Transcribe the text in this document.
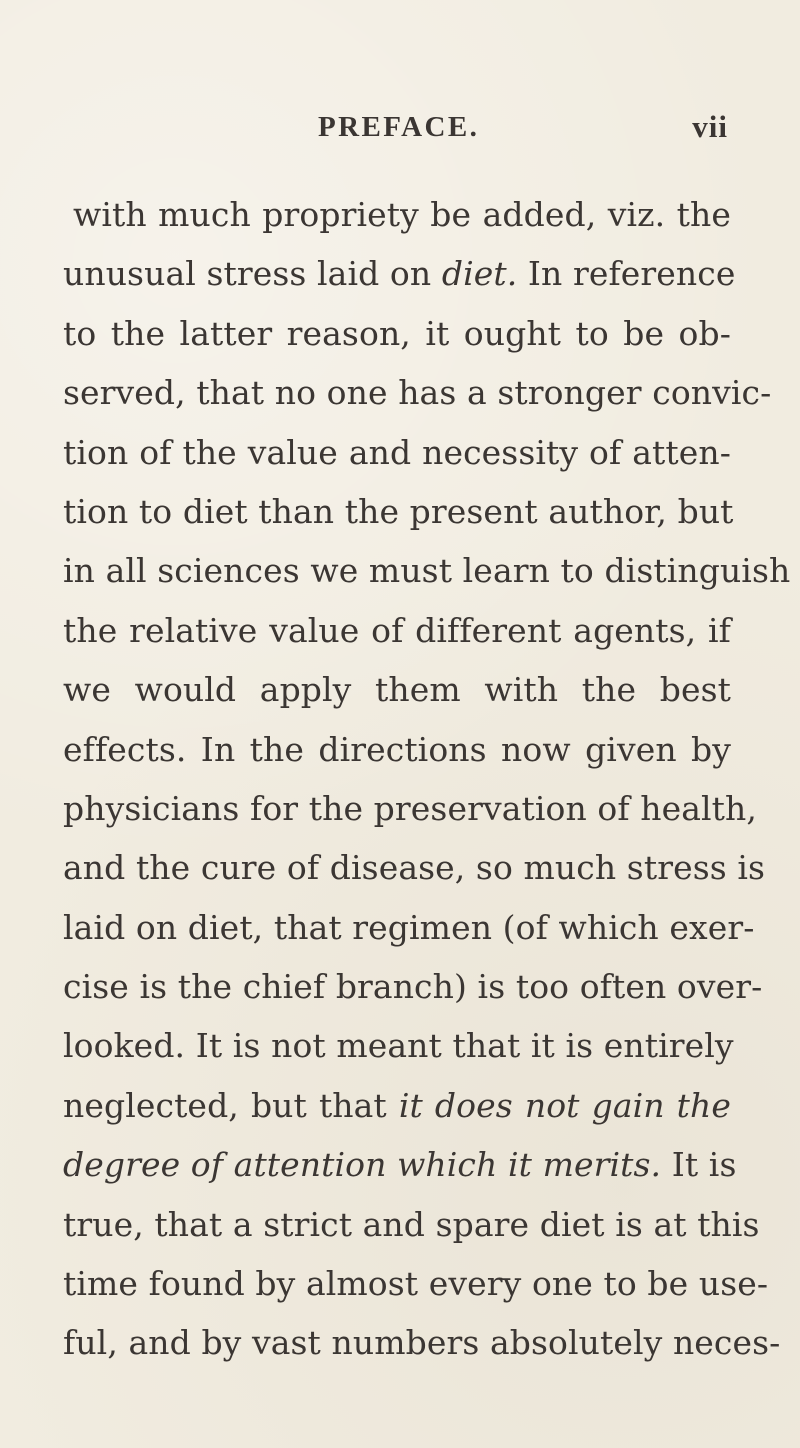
PREFACE.	vii
with much propriety be added, viz. the
unusual stress laid on diet. In reference
to the latter reason, it ought to be ob-
served, that no one has a stronger convic-
tion of the value and necessity of atten-
tion to diet than the present author, but
in all sciences we must learn to distinguish
the relative value of different agents, if
we would apply them with the best
effects. In the directions now given by
physicians for the preservation of health,
and the cure of disease, so much stress is
laid on diet, that regimen (of which exer-
cise is the chief branch) is too often over-
looked. It is not meant that it is entirely
neglected, but that it does not gain the
degree of attention which it merits. It is
true, that a strict and spare diet is at this
time found by almost every one to be use-
ful, and by vast numbers absolutely neces-
